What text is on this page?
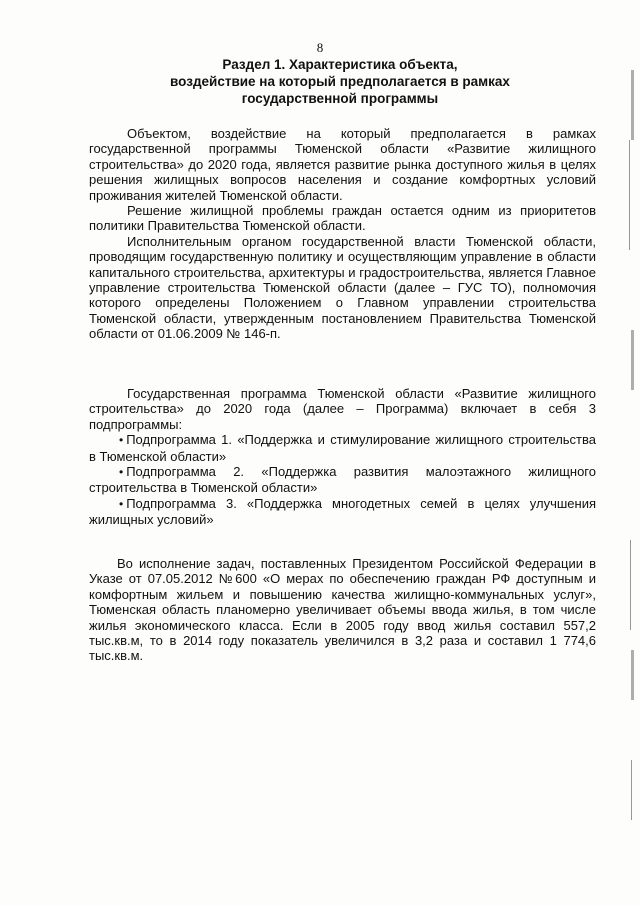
8
Раздел 1. Характеристика объекта,
воздействие на который предполагается в рамках
государственной программы

Объектом, воздействие на который предполагается в рамках государственной программы Тюменской области «Развитие жилищного строительства» до 2020 года, является развитие рынка доступного жилья в целях решения жилищных вопросов населения и создание комфортных условий проживания жителей Тюменской области.

Решение жилищной проблемы граждан остается одним из приоритетов политики Правительства Тюменской области.

Исполнительным органом государственной власти Тюменской области, проводящим государственную политику и осуществляющим управление в области капитального строительства, архитектуры и градостроительства, является Главное управление строительства Тюменской области (далее – ГУС ТО), полномочия которого определены Положением о Главном управлении строительства Тюменской области, утвержденным постановлением Правительства Тюменской области от 01.06.2009 № 146-п.

Государственная программа Тюменской области «Развитие жилищного строительства» до 2020 года (далее – Программа) включает в себя 3 подпрограммы:

• Подпрограмма 1. «Поддержка и стимулирование жилищного строительства в Тюменской области»

• Подпрограмма 2. «Поддержка развития малоэтажного жилищного строительства в Тюменской области»

• Подпрограмма 3. «Поддержка многодетных семей в целях улучшения жилищных условий»

Во исполнение задач, поставленных Президентом Российской Федерации в Указе от 07.05.2012 №600 «О мерах по обеспечению граждан РФ доступным и комфортным жильем и повышению качества жилищно-коммунальных услуг», Тюменская область планомерно увеличивает объемы ввода жилья, в том числе жилья экономического класса. Если в 2005 году ввод жилья составил 557,2 тыс.кв.м, то в 2014 году показатель увеличился в 3,2 раза и составил 1 774,6 тыс.кв.м.
